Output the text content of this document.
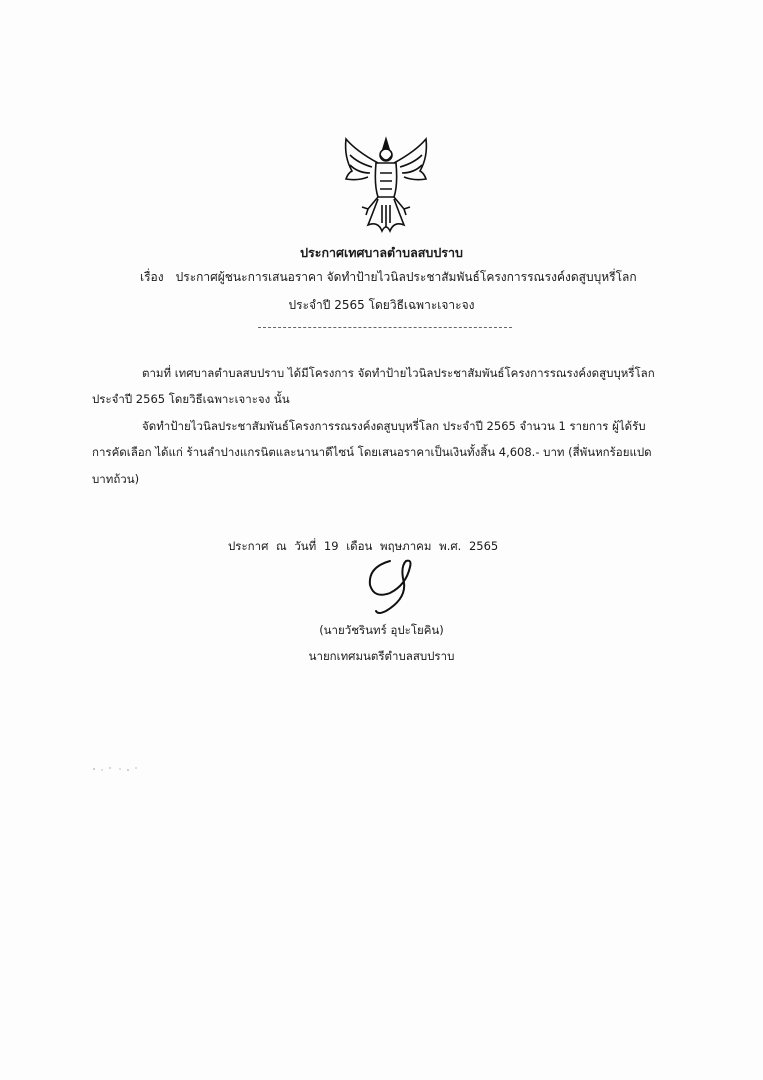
ประกาศเทศบาลตำบลสบปราบ
เรื่อง ประกาศผู้ชนะการเสนอราคา จัดทำป้ายไวนิลประชาสัมพันธ์โครงการรณรงค์งดสูบบุหรี่โลก
ประจำปี 2565 โดยวิธีเฉพาะเจาะจง
ตามที่ เทศบาลตำบลสบปราบ ได้มีโครงการ จัดทำป้ายไวนิลประชาสัมพันธ์โครงการรณรงค์งดสูบบุหรี่โลก
ประจำปี 2565 โดยวิธีเฉพาะเจาะจง นั้น
จัดทำป้ายไวนิลประชาสัมพันธ์โครงการรณรงค์งดสูบบุหรี่โลก ประจำปี 2565 จำนวน 1 รายการ ผู้ได้รับ
การคัดเลือก ได้แก่ ร้านลำปางแกรนิตและนานาดีไซน์ โดยเสนอราคาเป็นเงินทั้งสิ้น 4,608.- บาท (สี่พันหกร้อยแปด
บาทถ้วน)
ประกาศ ณ วันที่ 19 เดือน พฤษภาคม พ.ศ. 2565
(นายวัชรินทร์ อุปะโยคิน)
นายกเทศมนตรีตำบลสบปราบ
